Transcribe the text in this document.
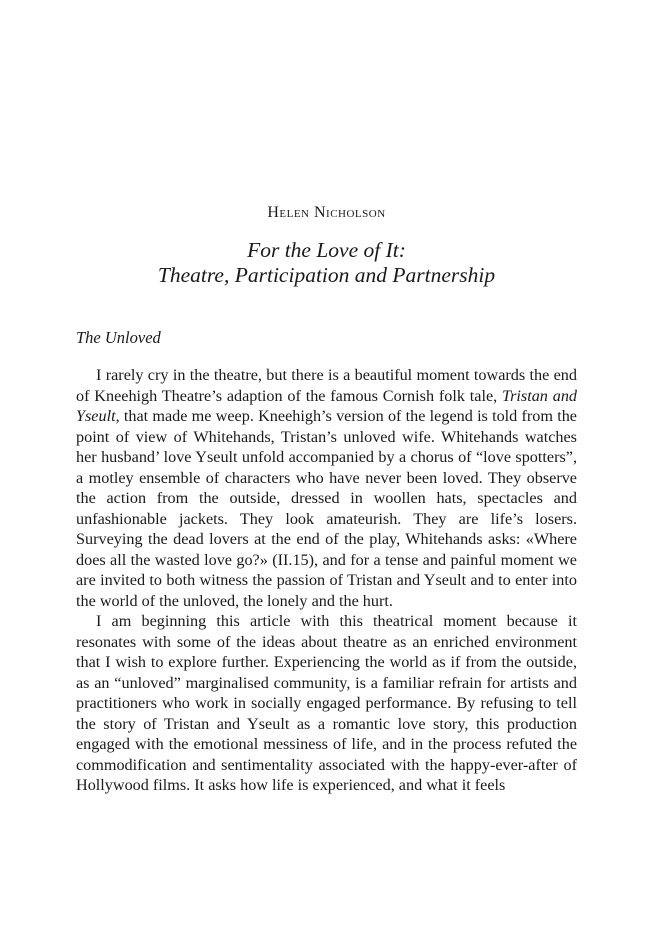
Helen Nicholson
For the Love of It:
Theatre, Participation and Partnership
The Unloved

I rarely cry in the theatre, but there is a beautiful moment towards the end of Kneehigh Theatre’s adaption of the famous Cornish folk tale, Tristan and Yseult, that made me weep. Kneehigh’s version of the legend is told from the point of view of Whitehands, Tristan’s unloved wife. Whitehands watches her husband’ love Yseult unfold accompanied by a chorus of “love spotters”, a motley ensemble of characters who have never been loved. They observe the action from the outside, dressed in woollen hats, spectacles and unfashionable jackets. They look amateurish. They are life’s losers. Surveying the dead lovers at the end of the play, Whitehands asks: «Where does all the wasted love go?» (II.15), and for a tense and painful moment we are invited to both witness the passion of Tristan and Yseult and to enter into the world of the unloved, the lonely and the hurt.

I am beginning this article with this theatrical moment because it resonates with some of the ideas about theatre as an enriched environment that I wish to explore further. Experiencing the world as if from the outside, as an “unloved” marginalised community, is a familiar refrain for artists and practitioners who work in socially engaged performance. By refusing to tell the story of Tristan and Yseult as a romantic love story, this production engaged with the emotional messiness of life, and in the process refuted the commodification and sentimentality associated with the happy-ever-after of Hollywood films. It asks how life is experienced, and what it feels
